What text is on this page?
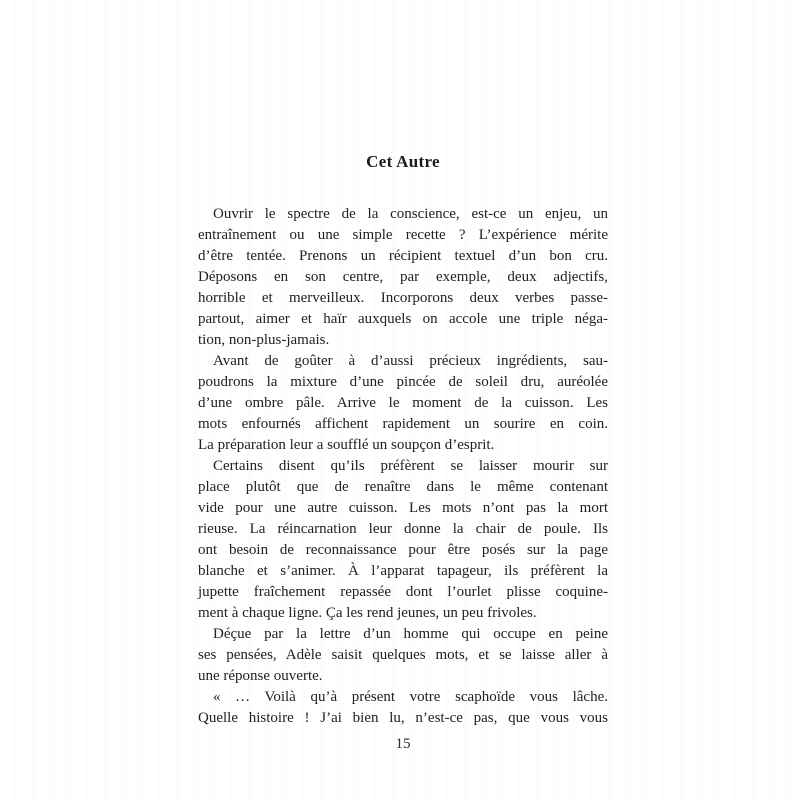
Cet Autre
Ouvrir le spectre de la conscience, est-ce un enjeu, un
entraînement ou une simple recette ? L’expérience mérite
d’être tentée. Prenons un récipient textuel d’un bon cru.
Déposons en son centre, par exemple, deux adjectifs,
horrible et merveilleux. Incorporons deux verbes passe-
partout, aimer et haïr auxquels on accole une triple néga-
tion, non-plus-jamais.
Avant de goûter à d’aussi précieux ingrédients, sau-
poudrons la mixture d’une pincée de soleil dru, auréolée
d’une ombre pâle. Arrive le moment de la cuisson. Les
mots enfournés affichent rapidement un sourire en coin.
La préparation leur a soufflé un soupçon d’esprit.
Certains disent qu’ils préfèrent se laisser mourir sur
place plutôt que de renaître dans le même contenant
vide pour une autre cuisson. Les mots n’ont pas la mort
rieuse. La réincarnation leur donne la chair de poule. Ils
ont besoin de reconnaissance pour être posés sur la page
blanche et s’animer. À l’apparat tapageur, ils préfèrent la
jupette fraîchement repassée dont l’ourlet plisse coquine-
ment à chaque ligne. Ça les rend jeunes, un peu frivoles.
Déçue par la lettre d’un homme qui occupe en peine
ses pensées, Adèle saisit quelques mots, et se laisse aller à
une réponse ouverte.
« … Voilà qu’à présent votre scaphoïde vous lâche.
Quelle histoire ! J’ai bien lu, n’est-ce pas, que vous vous
15
